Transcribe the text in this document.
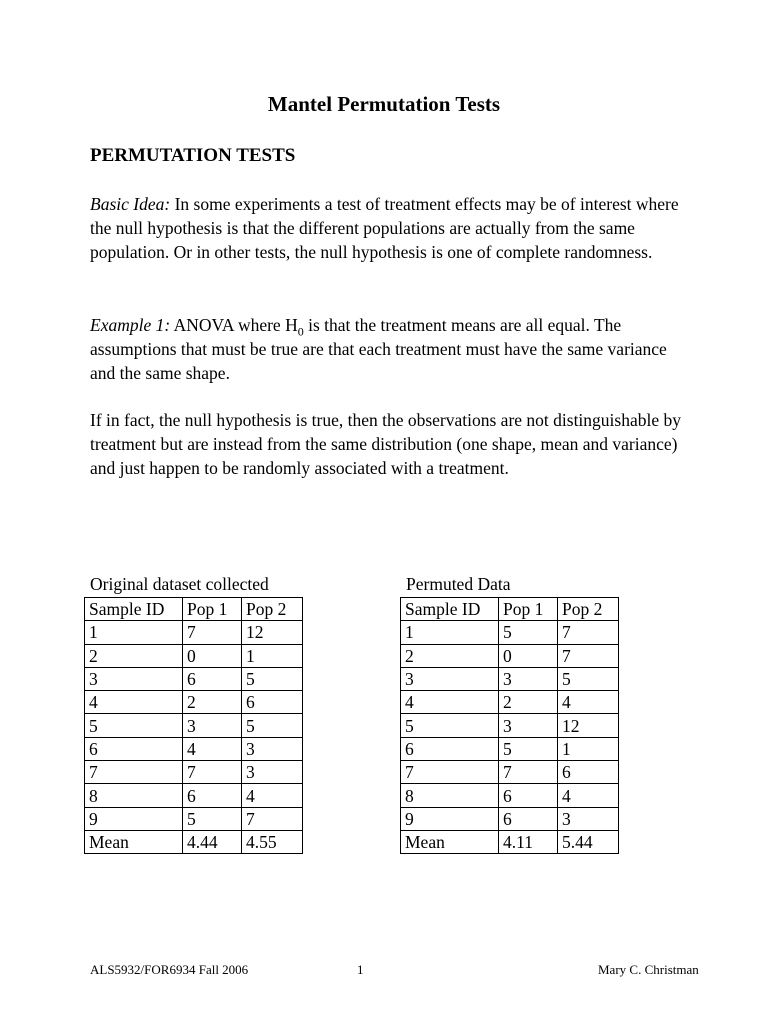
Mantel Permutation Tests
PERMUTATION TESTS
Basic Idea: In some experiments a test of treatment effects may be of interest where the null hypothesis is that the different populations are actually from the same population. Or in other tests, the null hypothesis is one of complete randomness.
Example 1: ANOVA where $H_0$ is that the treatment means are all equal. The assumptions that must be true are that each treatment must have the same variance and the same shape.
If in fact, the null hypothesis is true, then the observations are not distinguishable by treatment but are instead from the same distribution (one shape, mean and variance) and just happen to be randomly associated with a treatment.
Original dataset collected
Sample ID	Pop 1	Pop 2
1	7	12
2	0	1
3	6	5
4	2	6
5	3	5
6	4	3
7	7	3
8	6	4
9	5	7
Mean	4.44	4.55
Permuted Data
Sample ID	Pop 1	Pop 2
1	5	7
2	0	7
3	3	5
4	2	4
5	3	12
6	5	1
7	7	6
8	6	4
9	6	3
Mean	4.11	5.44
ALS5932/FOR6934 Fall 2006	1	Mary C. Christman
